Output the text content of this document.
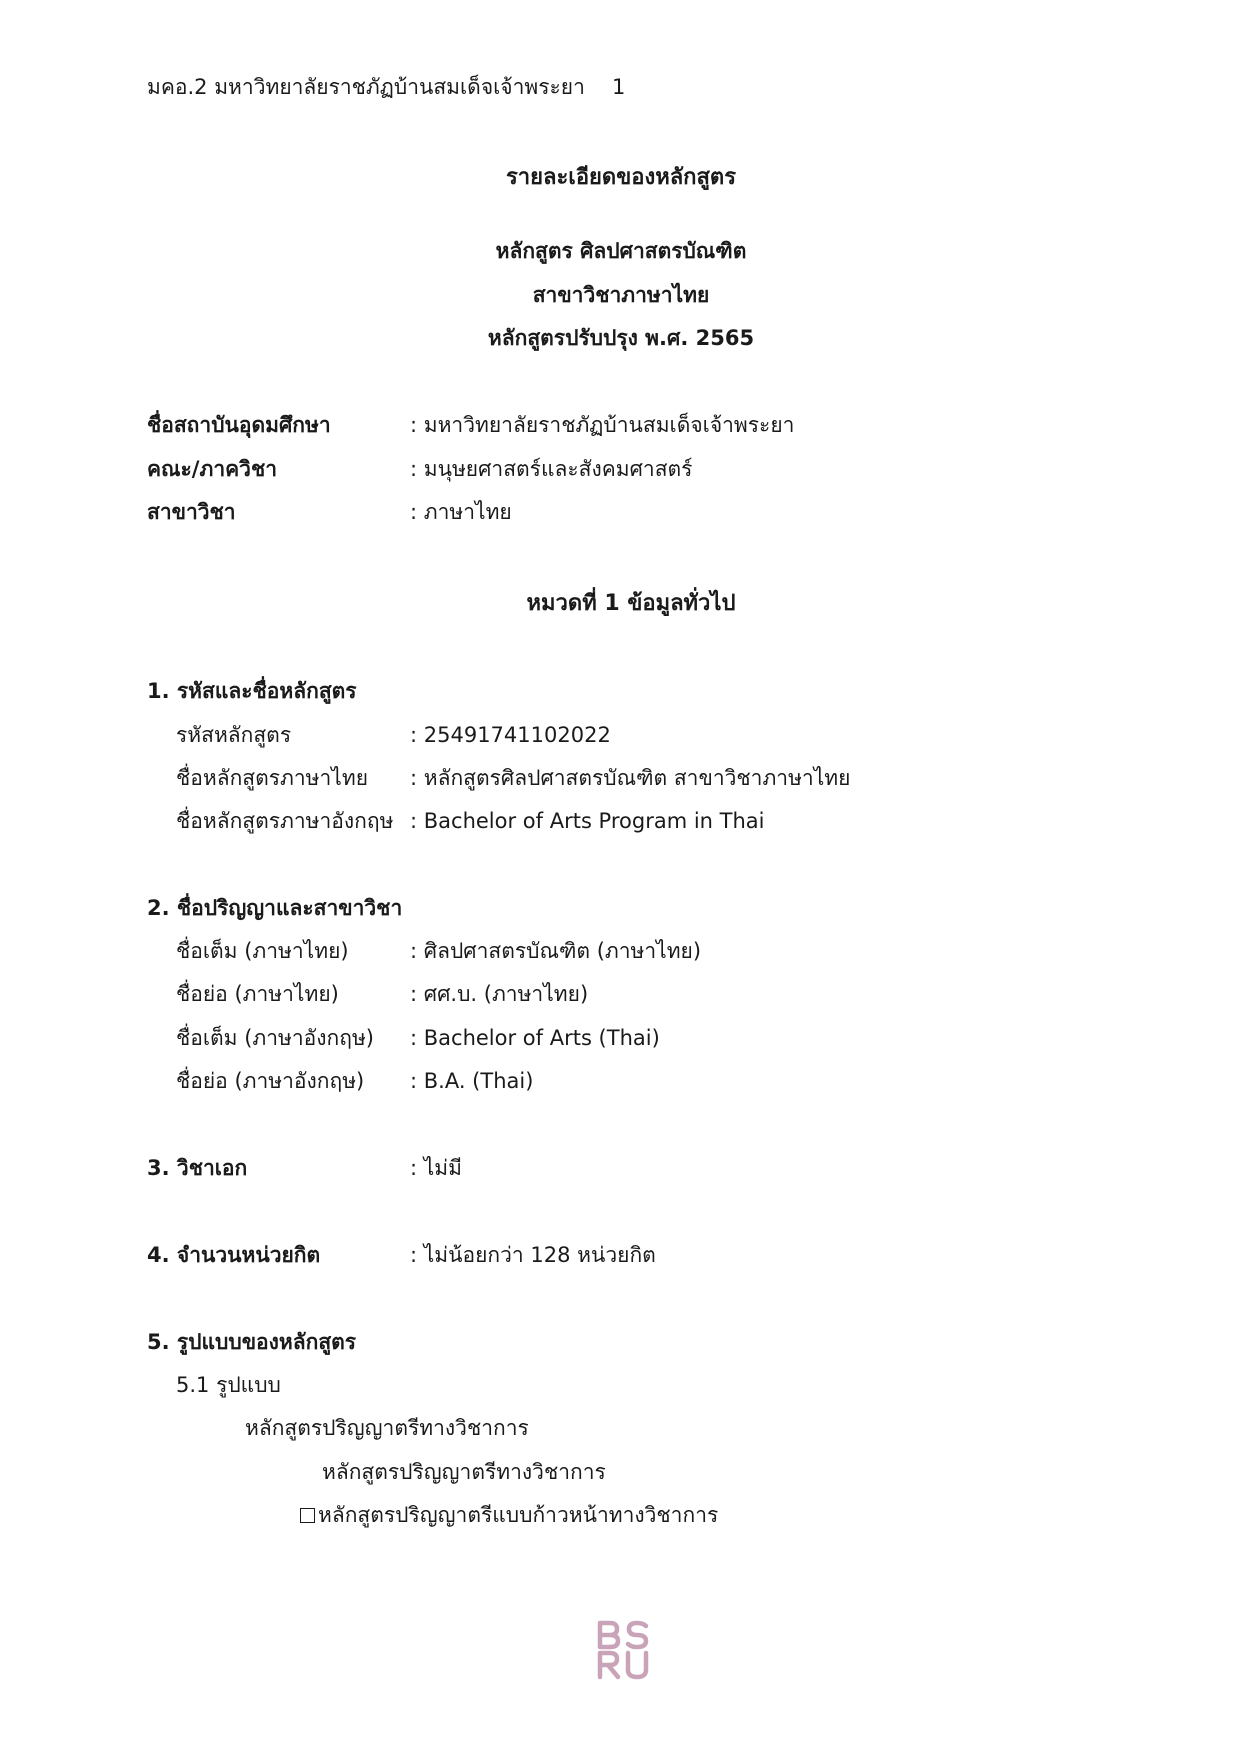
มคอ.2 มหาวิทยาลัยราชภัฏบ้านสมเด็จเจ้าพระยา 1
รายละเอียดของหลักสูตร
หลักสูตร ศิลปศาสตรบัณฑิต
สาขาวิชาภาษาไทย
หลักสูตรปรับปรุง พ.ศ. 2565
ชื่อสถาบันอุดมศึกษา	: มหาวิทยาลัยราชภัฏบ้านสมเด็จเจ้าพระยา
คณะ/ภาควิชา	: มนุษยศาสตร์และสังคมศาสตร์
สาขาวิชา	: ภาษาไทย
หมวดที่ 1 ข้อมูลทั่วไป
1. รหัสและชื่อหลักสูตร
รหัสหลักสูตร	: 25491741102022
ชื่อหลักสูตรภาษาไทย : หลักสูตรศิลปศาสตรบัณฑิต สาขาวิชาภาษาไทย
ชื่อหลักสูตรภาษาอังกฤษ : Bachelor of Arts Program in Thai
2. ชื่อปริญญาและสาขาวิชา
ชื่อเต็ม (ภาษาไทย)	: ศิลปศาสตรบัณฑิต (ภาษาไทย)
ชื่อย่อ (ภาษาไทย)	: ศศ.บ. (ภาษาไทย)
ชื่อเต็ม (ภาษาอังกฤษ) : Bachelor of Arts (Thai)
ชื่อย่อ (ภาษาอังกฤษ) : B.A. (Thai)
3. วิชาเอก	: ไม่มี
4. จำนวนหน่วยกิต	: ไม่น้อยกว่า 128 หน่วยกิต
5. รูปแบบของหลักสูตร
5.1 รูปแบบ
หลักสูตรปริญญาตรีทางวิชาการ
หลักสูตรปริญญาตรีทางวิชาการ
หลักสูตรปริญญาตรีแบบก้าวหน้าทางวิชาการ
